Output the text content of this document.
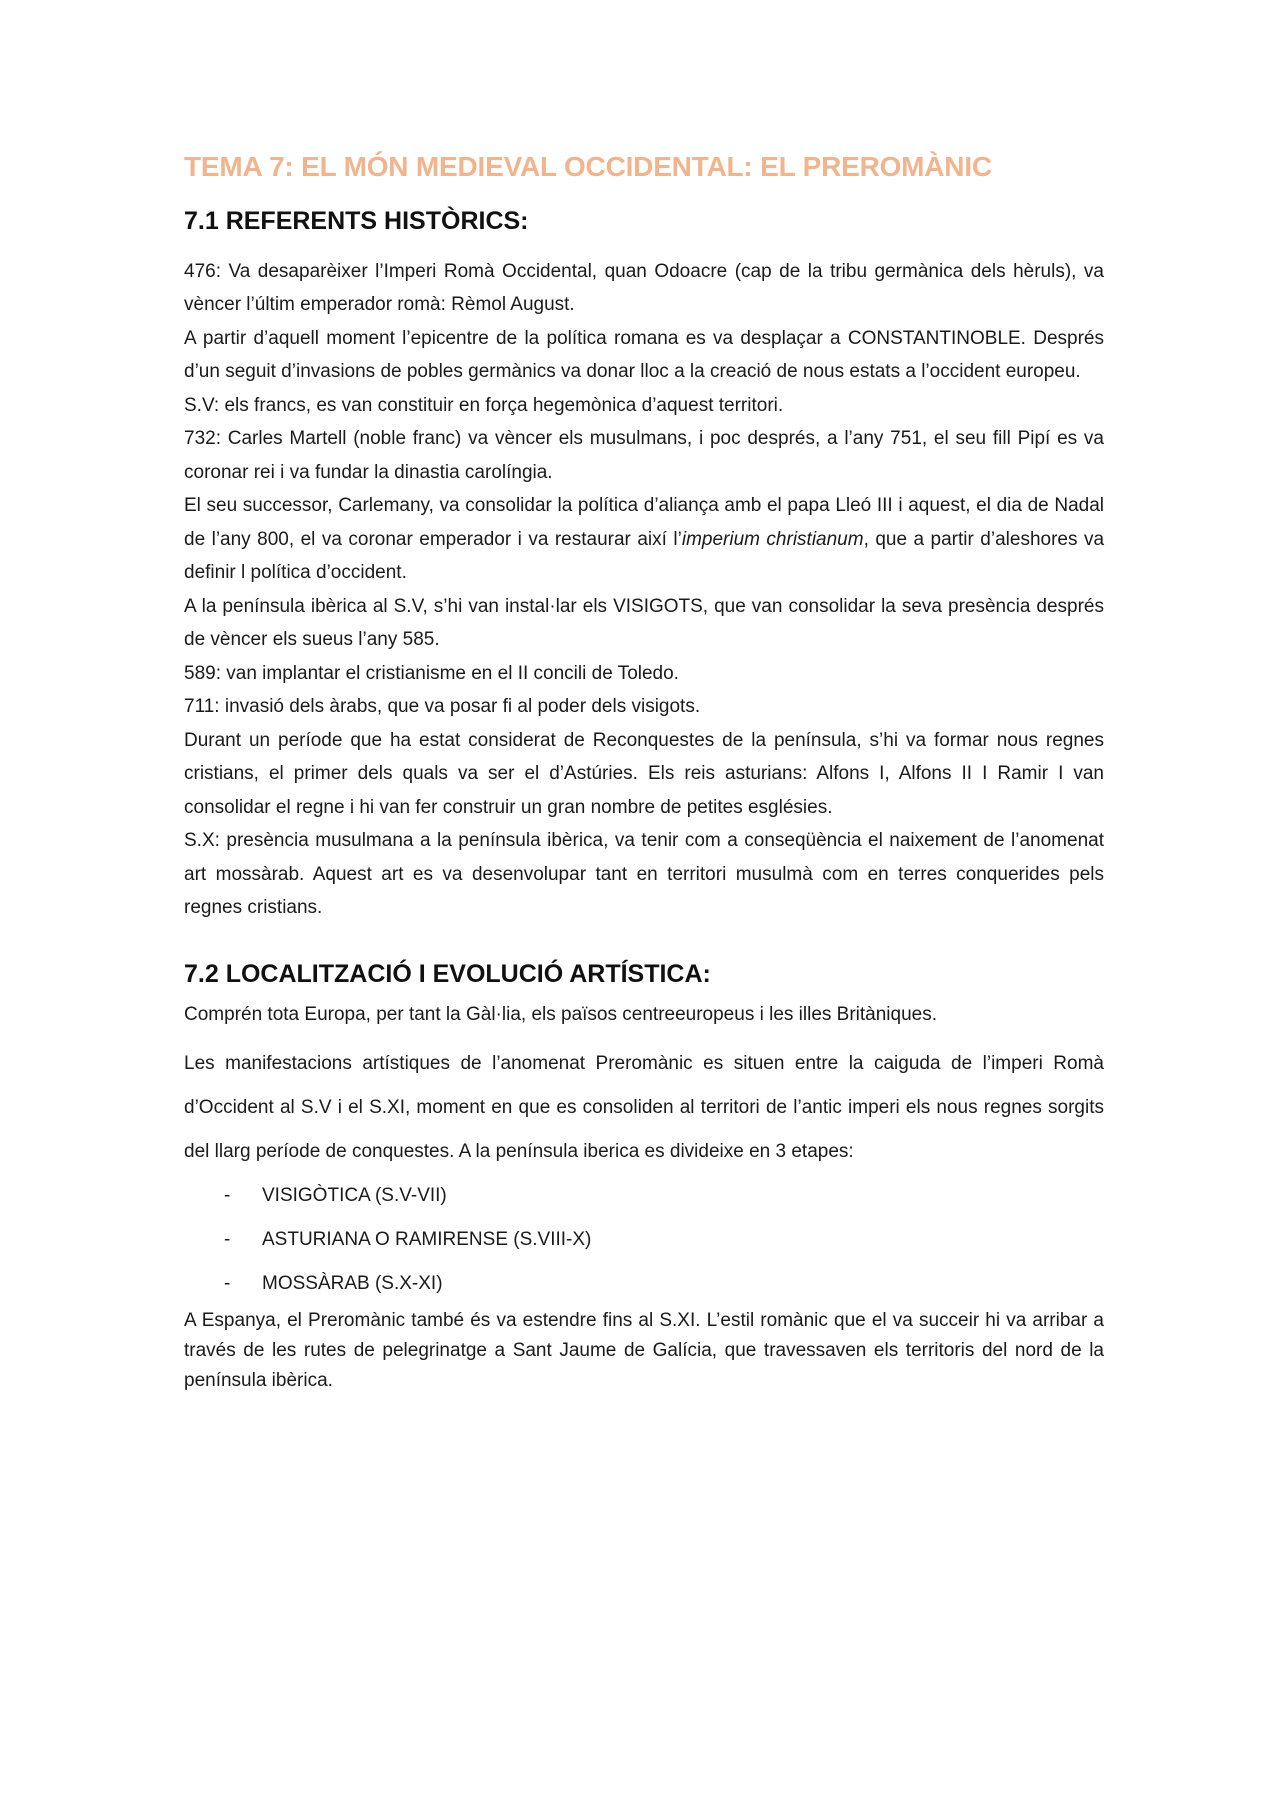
TEMA 7: EL MÓN MEDIEVAL OCCIDENTAL: EL PREROMÀNIC
7.1 REFERENTS HISTÒRICS:

476: Va desaparèixer l’Imperi Romà Occidental, quan Odoacre (cap de la tribu germànica dels hèruls), va vèncer l’últim emperador romà: Rèmol August.

A partir d’aquell moment l’epicentre de la política romana es va desplaçar a CONSTANTINOBLE. Després d’un seguit d’invasions de pobles germànics va donar lloc a la creació de nous estats a l’occident europeu.

S.V: els francs, es van constituir en força hegemònica d’aquest territori.

732: Carles Martell (noble franc) va vèncer els musulmans, i poc després, a l’any 751, el seu fill Pipí es va coronar rei i va fundar la dinastia carolíngia.

El seu successor, Carlemany, va consolidar la política d’aliança amb el papa Lleó III i aquest, el dia de Nadal de l’any 800, el va coronar emperador i va restaurar així l’imperium christianum, que a partir d’aleshores va definir l política d’occident.

A la península ibèrica al S.V, s’hi van instal·lar els VISIGOTS, que van consolidar la seva presència després de vèncer els sueus l’any 585.

589: van implantar el cristianisme en el II concili de Toledo.

711: invasió dels àrabs, que va posar fi al poder dels visigots.

Durant un període que ha estat considerat de Reconquestes de la península, s’hi va formar nous regnes cristians, el primer dels quals va ser el d’Astúries. Els reis asturians: Alfons I, Alfons II I Ramir I van consolidar el regne i hi van fer construir un gran nombre de petites esglésies.

S.X: presència musulmana a la península ibèrica, va tenir com a conseqüència el naixement de l’anomenat art mossàrab. Aquest art es va desenvolupar tant en territori musulmà com en terres conquerides pels regnes cristians.

7.2 LOCALITZACIÓ I EVOLUCIÓ ARTÍSTICA:

Comprén tota Europa, per tant la Gàl·lia, els països centreeuropeus i les illes Britàniques.

Les manifestacions artístiques de l’anomenat Preromànic es situen entre la caiguda de l’imperi Romà d’Occident al S.V i el S.XI, moment en que es consoliden al territori de l’antic imperi els nous regnes sorgits del llarg període de conquestes. A la península iberica es divideixe en 3 etapes:

- VISIGÒTICA (S.V-VII)
- ASTURIANA O RAMIRENSE (S.VIII-X)
- MOSSÀRAB (S.X-XI)

A Espanya, el Preromànic també és va estendre fins al S.XI. L’estil romànic que el va succeir hi va arribar a través de les rutes de pelegrinatge a Sant Jaume de Galícia, que travessaven els territoris del nord de la península ibèrica.
